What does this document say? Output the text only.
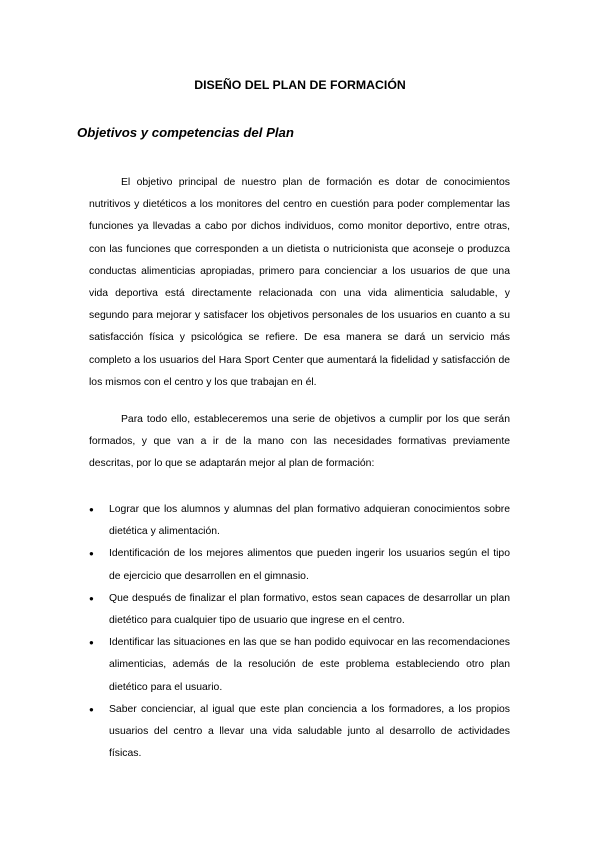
DISEÑO DEL PLAN DE FORMACIÓN
Objetivos y competencias del Plan

El objetivo principal de nuestro plan de formación es dotar de conocimientos nutritivos y dietéticos a los monitores del centro en cuestión para poder complementar las funciones ya llevadas a cabo por dichos individuos, como monitor deportivo, entre otras, con las funciones que corresponden a un dietista o nutricionista que aconseje o produzca conductas alimenticias apropiadas, primero para concienciar a los usuarios de que una vida deportiva está directamente relacionada con una vida alimenticia saludable, y segundo para mejorar y satisfacer los objetivos personales de los usuarios en cuanto a su satisfacción física y psicológica se refiere. De esa manera se dará un servicio más completo a los usuarios del Hara Sport Center que aumentará la fidelidad y satisfacción de los mismos con el centro y los que trabajan en él.

Para todo ello, estableceremos una serie de objetivos a cumplir por los que serán formados, y que van a ir de la mano con las necesidades formativas previamente descritas, por lo que se adaptarán mejor al plan de formación:

● Lograr que los alumnos y alumnas del plan formativo adquieran conocimientos sobre dietética y alimentación.
● Identificación de los mejores alimentos que pueden ingerir los usuarios según el tipo de ejercicio que desarrollen en el gimnasio.
● Que después de finalizar el plan formativo, estos sean capaces de desarrollar un plan dietético para cualquier tipo de usuario que ingrese en el centro.
● Identificar las situaciones en las que se han podido equivocar en las recomendaciones alimenticias, además de la resolución de este problema estableciendo otro plan dietético para el usuario.
● Saber concienciar, al igual que este plan conciencia a los formadores, a los propios usuarios del centro a llevar una vida saludable junto al desarrollo de actividades físicas.
